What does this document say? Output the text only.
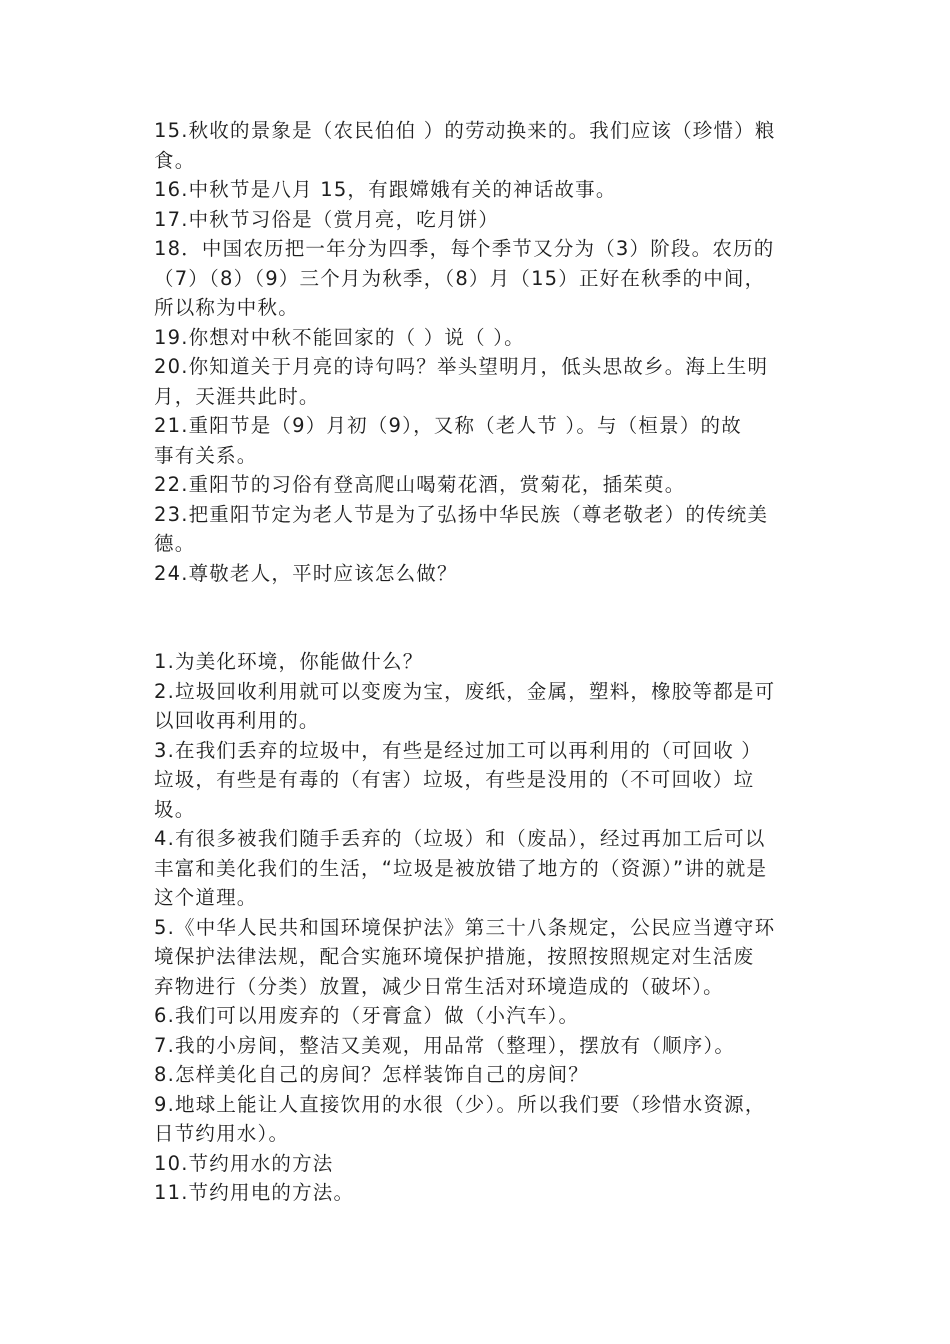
15.秋收的景象是（农民伯伯 ）的劳动换来的。我们应该（珍惜）粮

食。

16.中秋节是八月 15，有跟嫦娥有关的神话故事。

17.中秋节习俗是（赏月亮，吃月饼）

18．中国农历把一年分为四季，每个季节又分为（3）阶段。农历的

（7）（8）（9）三个月为秋季，（8）月（15）正好在秋季的中间，

所以称为中秋。

19.你想对中秋不能回家的（ ）说（ ）。

20.你知道关于月亮的诗句吗？举头望明月，低头思故乡。海上生明

月，天涯共此时。

21.重阳节是（9）月初（9），又称（老人节 ）。与（桓景）的故

事有关系。

22.重阳节的习俗有登高爬山喝菊花酒，赏菊花，插茱萸。

23.把重阳节定为老人节是为了弘扬中华民族（尊老敬老）的传统美

德。

24.尊敬老人，平时应该怎么做？

1.为美化环境，你能做什么？

2.垃圾回收利用就可以变废为宝，废纸，金属，塑料，橡胶等都是可

以回收再利用的。

3.在我们丢弃的垃圾中，有些是经过加工可以再利用的（可回收 ）

垃圾，有些是有毒的（有害）垃圾，有些是没用的（不可回收）垃

圾。

4.有很多被我们随手丢弃的（垃圾）和（废品），经过再加工后可以

丰富和美化我们的生活，“垃圾是被放错了地方的（资源）”讲的就是

这个道理。

5.《中华人民共和国环境保护法》第三十八条规定，公民应当遵守环

境保护法律法规，配合实施环境保护措施，按照按照规定对生活废

弃物进行（分类）放置，减少日常生活对环境造成的（破坏）。

6.我们可以用废弃的（牙膏盒）做（小汽车）。

7.我的小房间，整洁又美观，用品常（整理），摆放有（顺序）。

8.怎样美化自己的房间？怎样装饰自己的房间？

9.地球上能让人直接饮用的水很（少）。所以我们要（珍惜水资源，

日节约用水）。

10.节约用水的方法

11.节约用电的方法。
